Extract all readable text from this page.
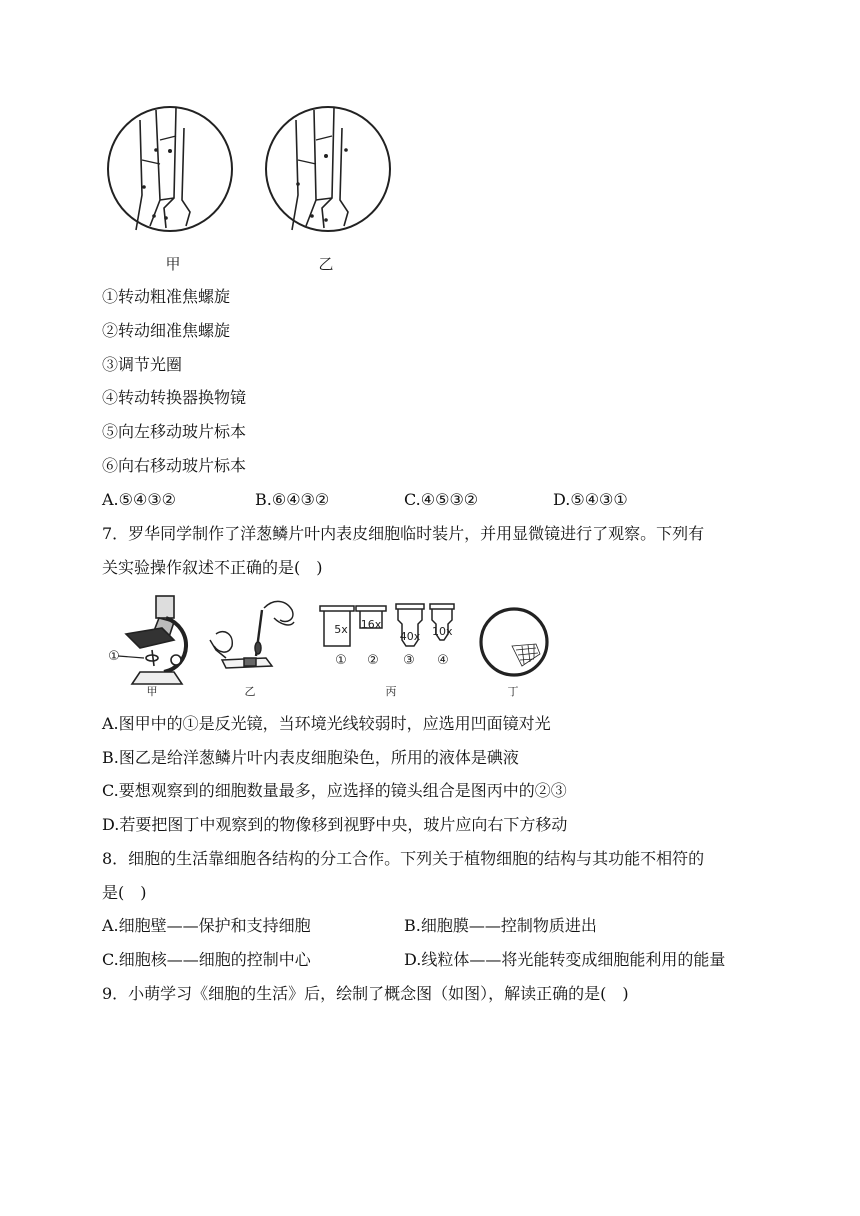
甲	乙
①转动粗准焦螺旋
②转动细准焦螺旋
③调节光圈
④转动转换器换物镜
⑤向左移动玻片标本
⑥向右移动玻片标本
A.⑤④③②	B.⑥④③②	C.④⑤③②	D.⑤④③①
7．罗华同学制作了洋葱鳞片叶内表皮细胞临时装片，并用显微镜进行了观察。下列有
关实验操作叙述不正确的是(　)
①
5x	16x
40x 10x
①	②	③	④
甲	乙	丙	丁
A.图甲中的①是反光镜，当环境光线较弱时，应选用凹面镜对光
B.图乙是给洋葱鳞片叶内表皮细胞染色，所用的液体是碘液
C.要想观察到的细胞数量最多，应选择的镜头组合是图丙中的②③
D.若要把图丁中观察到的物像移到视野中央，玻片应向右下方移动
8．细胞的生活靠细胞各结构的分工合作。下列关于植物细胞的结构与其功能不相符的
是(　)
A.细胞壁——保护和支持细胞	B.细胞膜——控制物质进出
C.细胞核——细胞的控制中心	D.线粒体——将光能转变成细胞能利用的能量
9．小萌学习《细胞的生活》后，绘制了概念图（如图），解读正确的是(　)
